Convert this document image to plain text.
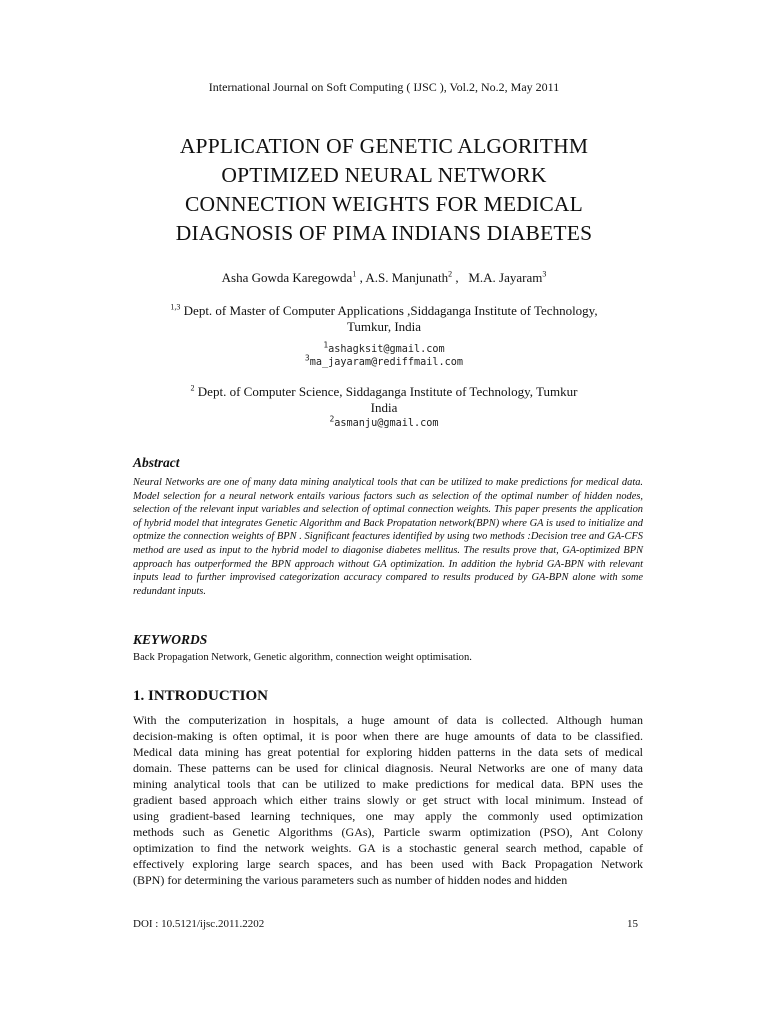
International Journal on Soft Computing ( IJSC ), Vol.2, No.2, May 2011
APPLICATION OF GENETIC ALGORITHM
OPTIMIZED NEURAL NETWORK
CONNECTION WEIGHTS FOR MEDICAL
DIAGNOSIS OF PIMA INDIANS DIABETES
Asha Gowda Karegowda$^1$ , A.S. Manjunath$^2$ ,   M.A. Jayaram$^3$
$^{1,3}$ Dept. of Master of Computer Applications ,Siddaganga Institute of Technology,
Tumkur, India
$^1$ashagksit@gmail.com
$^3$ma_jayaram@rediffmail.com
$^2$ Dept. of Computer Science, Siddaganga Institute of Technology, Tumkur
India
$^2$asmanju@gmail.com
Abstract
Neural Networks are one of many data mining analytical tools that can be utilized to make predictions for medical data. Model selection for a neural network entails various factors such as selection of the optimal number of hidden nodes, selection of the relevant input variables and selection of optimal connection weights. This paper presents the application of hybrid model that integrates Genetic Algorithm and Back Propatation network(BPN) where GA is used to initialize and optmize the connection weights of BPN . Significant feactures identified by using two methods :Decision tree and GA-CFS method are used as input to the hybrid model to diagonise diabetes mellitus. The results prove that, GA-optimized BPN approach has outperformed the BPN approach without GA optimization. In addition the hybrid GA-BPN with relevant inputs lead to further improvised categorization accuracy compared to results produced by GA-BPN alone with some redundant inputs.
KEYWORDS
Back Propagation Network, Genetic algorithm, connection weight optimisation.
1. INTRODUCTION
With the computerization in hospitals, a huge amount of data is collected. Although human
decision-making is often optimal, it is poor when there are huge amounts of data to be classified.
Medical data mining has great potential for exploring hidden patterns in the data sets of medical
domain. These patterns can be used for clinical diagnosis. Neural Networks are one of many data
mining analytical tools that can be utilized to make predictions for medical data. BPN uses the
gradient based approach which either trains slowly or get struct with local minimum. Instead of
using gradient-based learning techniques, one may apply the commonly used optimization
methods such as Genetic Algorithms (GAs), Particle swarm optimization (PSO), Ant Colony
optimization to find the network weights. GA is a stochastic general search method, capable of
effectively exploring large search spaces, and has been used with Back Propagation Network
(BPN) for determining the various parameters such as number of hidden nodes and hidden
DOI : 10.5121/ijsc.2011.2202	15
